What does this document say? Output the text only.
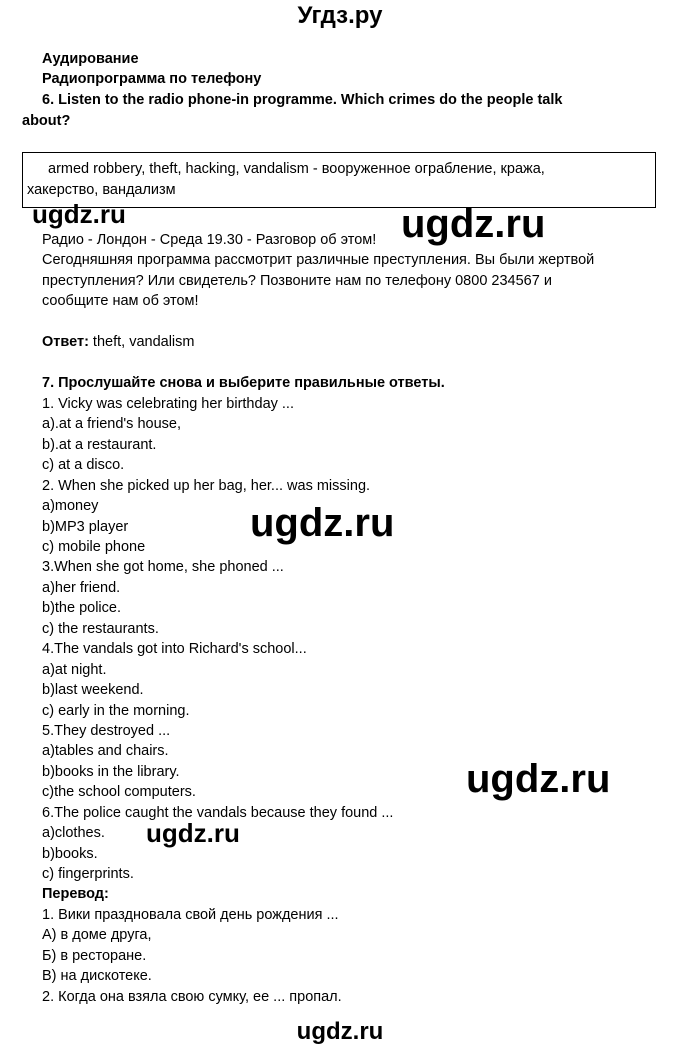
Угдз.ру
Аудирование
Радиопрограмма по телефону
6. Listen to the radio phone-in programme. Which crimes do the people talk
about?
armed robbery, theft, hacking, vandalism - вооруженное ограбление, кража,
хакерство, вандализм
ugdz.ru	ugdz.ru
Радио - Лондон - Среда 19.30 - Разговор об этом!
Сегодняшняя программа рассмотрит различные преступления. Вы были жертвой
преступления? Или свидетель? Позвоните нам по телефону 0800 234567 и
сообщите нам об этом!
Ответ: theft, vandalism
7. Прослушайте снова и выберите правильные ответы.
1. Vicky was celebrating her birthday ...
a).at a friend's house,
b).at a restaurant.
c) at a disco.
2. When she picked up her bag, her... was missing.
a)money
b)MP3 player
c) mobile phone
3.When she got home, she phoned ...
a)her friend.
b)the police.
c) the restaurants.
4.The vandals got into Richard's school...
a)at night.
b)last weekend.
c) early in the morning.
5.They destroyed ...
a)tables and chairs.
b)books in the library.
c)the school computers.
6.The police caught the vandals because they found ...
a)clothes.
b)books.
c) fingerprints.
ugdz.ru
ugdz.ru
ugdz.ru
Перевод:
1. Вики праздновала свой день рождения ...
А) в доме друга,
Б) в ресторане.
В) на дискотеке.
2. Когда она взяла свою сумку, ее ... пропал.
ugdz.ru
